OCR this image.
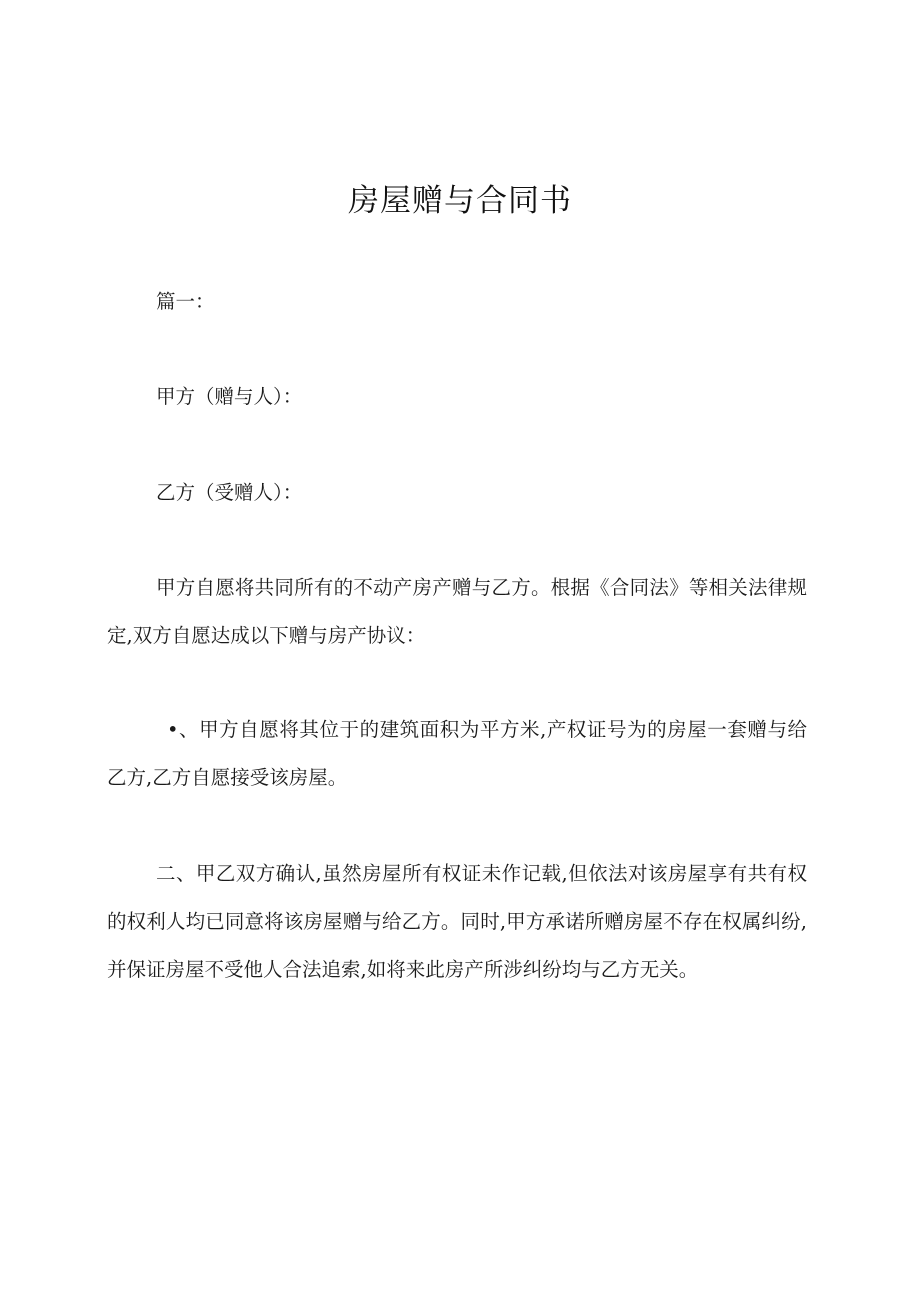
房屋赠与合同书
篇一：
甲方（赠与人）：
乙方（受赠人）：
甲方自愿将共同所有的不动产房产赠与乙方。根据《合同法》等相关法律规定,双方自愿达成以下赠与房产协议：
•、甲方自愿将其位于的建筑面积为平方米,产权证号为的房屋一套赠与给乙方,乙方自愿接受该房屋。
二、甲乙双方确认,虽然房屋所有权证未作记载,但依法对该房屋享有共有权的权利人均已同意将该房屋赠与给乙方。同时,甲方承诺所赠房屋不存在权属纠纷,并保证房屋不受他人合法追索,如将来此房产所涉纠纷均与乙方无关。
